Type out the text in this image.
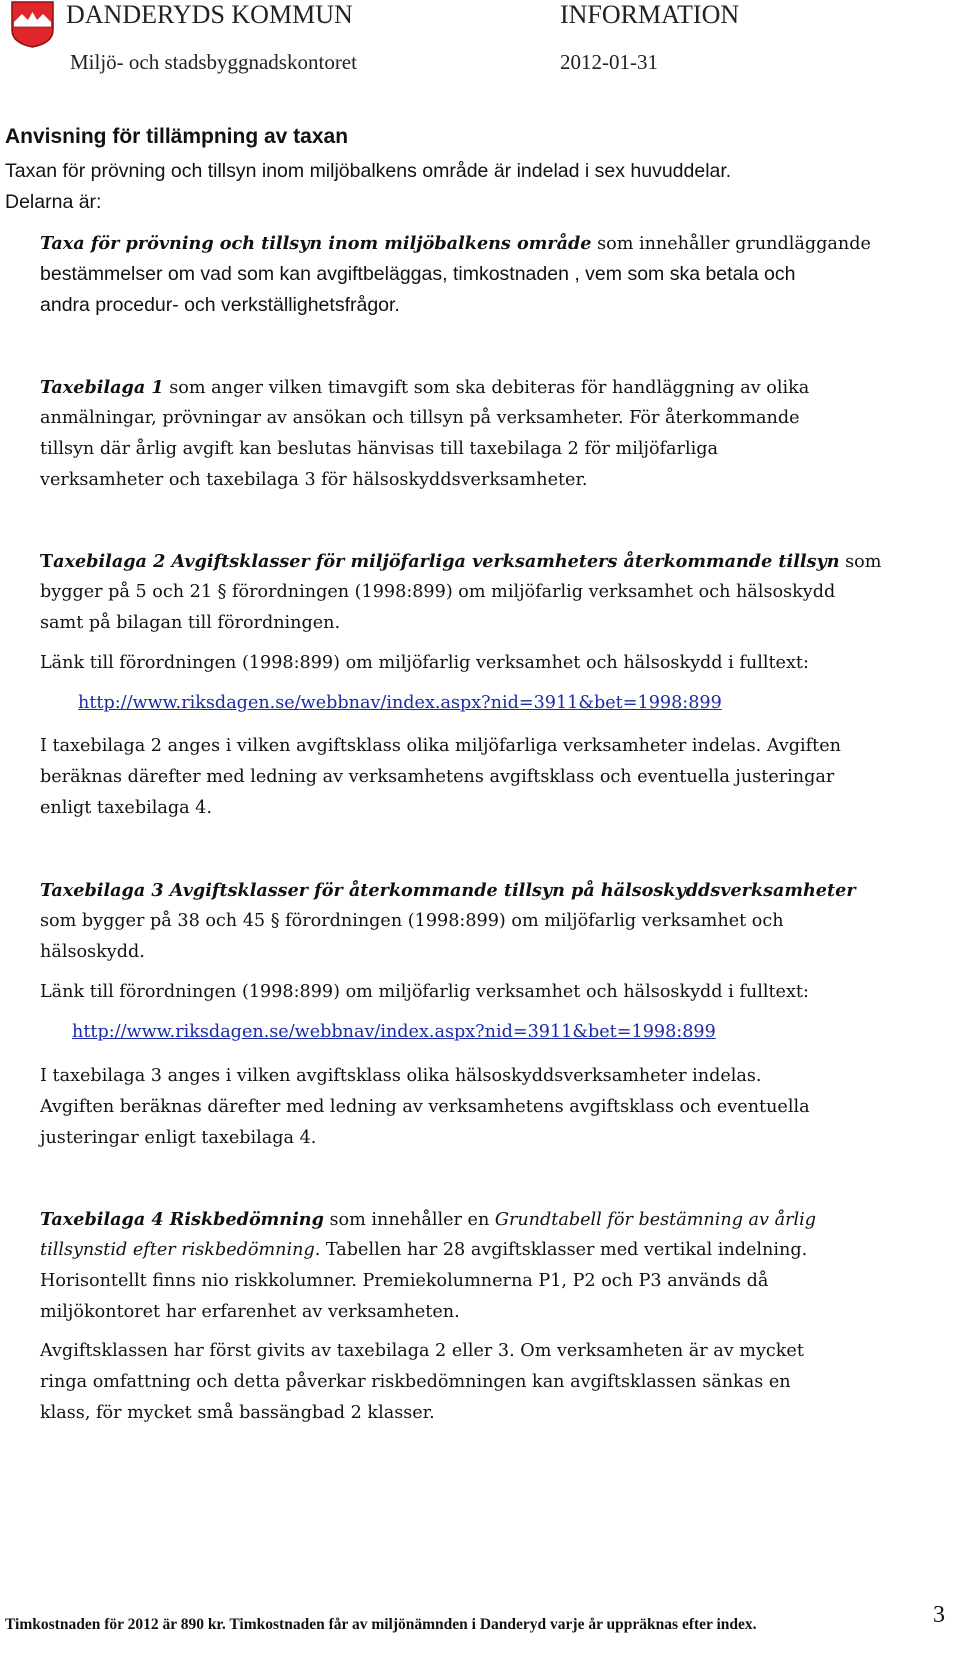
DANDERYDS KOMMUN	INFORMATION
Miljö- och stadsbyggnadskontoret	2012-01-31
Anvisning för tillämpning av taxan
Taxan för prövning och tillsyn inom miljöbalkens område är indelad i sex huvuddelar.
Delarna är:
Taxa för prövning och tillsyn inom miljöbalkens område som innehåller grundläggande
bestämmelser om vad som kan avgiftbeläggas, timkostnaden , vem som ska betala och
andra procedur- och verkställighetsfrågor.
Taxebilaga 1 som anger vilken timavgift som ska debiteras för handläggning av olika
anmälningar, prövningar av ansökan och tillsyn på verksamheter. För återkommande
tillsyn där årlig avgift kan beslutas hänvisas till taxebilaga 2 för miljöfarliga
verksamheter och taxebilaga 3 för hälsoskyddsverksamheter.
Taxebilaga 2 Avgiftsklasser för miljöfarliga verksamheters återkommande tillsyn som
bygger på 5 och 21 § förordningen (1998:899) om miljöfarlig verksamhet och hälsoskydd
samt på bilagan till förordningen.
Länk till förordningen (1998:899) om miljöfarlig verksamhet och hälsoskydd i fulltext:
http://www.riksdagen.se/webbnav/index.aspx?nid=3911&bet=1998:899
I taxebilaga 2 anges i vilken avgiftsklass olika miljöfarliga verksamheter indelas. Avgiften
beräknas därefter med ledning av verksamhetens avgiftsklass och eventuella justeringar
enligt taxebilaga 4.
Taxebilaga 3 Avgiftsklasser för återkommande tillsyn på hälsoskyddsverksamheter
som bygger på 38 och 45 § förordningen (1998:899) om miljöfarlig verksamhet och
hälsoskydd.
Länk till förordningen (1998:899) om miljöfarlig verksamhet och hälsoskydd i fulltext:
http://www.riksdagen.se/webbnav/index.aspx?nid=3911&bet=1998:899
I taxebilaga 3 anges i vilken avgiftsklass olika hälsoskyddsverksamheter indelas.
Avgiften beräknas därefter med ledning av verksamhetens avgiftsklass och eventuella
justeringar enligt taxebilaga 4.
Taxebilaga 4 Riskbedömning som innehåller en Grundtabell för bestämning av årlig
tillsynstid efter riskbedömning. Tabellen har 28 avgiftsklasser med vertikal indelning.
Horisontellt finns nio riskkolumner. Premiekolumnerna P1, P2 och P3 används då
miljökontoret har erfarenhet av verksamheten.
Avgiftsklassen har först givits av taxebilaga 2 eller 3. Om verksamheten är av mycket
ringa omfattning och detta påverkar riskbedömningen kan avgiftsklassen sänkas en
klass, för mycket små bassängbad 2 klasser.
Timkostnaden för 2012 är 890 kr. Timkostnaden får av miljönämnden i Danderyd varje år uppräknas efter index.	3
